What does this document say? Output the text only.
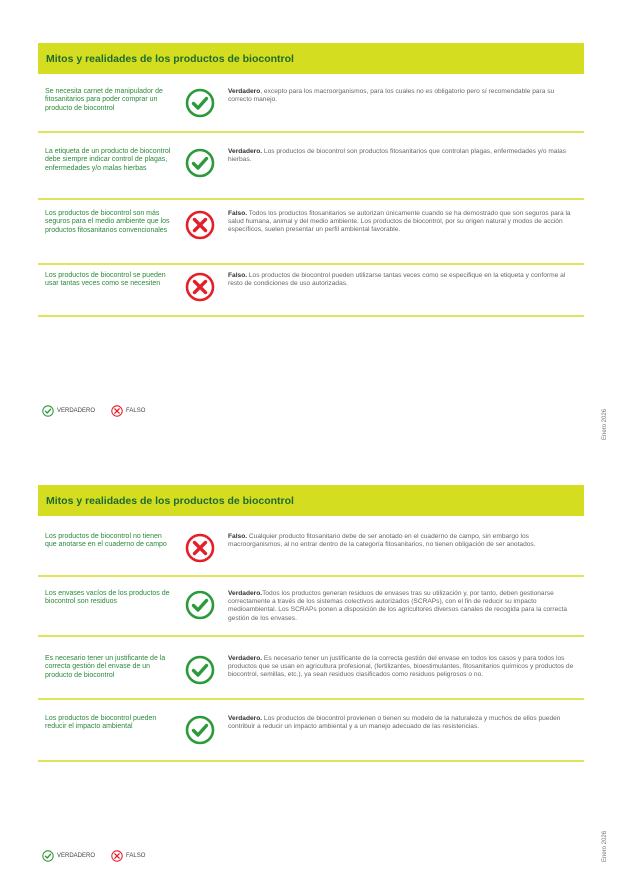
Mitos y realidades de los productos de biocontrol
Se necesita carnet de manipulador de fitosanitarios para poder comprar un producto de biocontrol
Verdadero, excepto para los macroorganismos, para los cuales no es obligatorio pero sí recomendable para su correcto manejo.
La etiqueta de un producto de biocontrol debe siempre indicar control de plagas, enfermedades y/o malas hierbas
Verdadero. Los productos de biocontrol son productos fitosanitarios que controlan plagas, enfermedades y/o malas hierbas.
Los productos de biocontrol son más seguros para el medio ambiente que los productos fitosanitarios convencionales
Falso. Todos los productos fitosanitarios se autorizan únicamente cuando se ha demostrado que son seguros para la salud humana, animal y del medio ambiente. Los productos de biocontrol, por su origen natural y modos de acción específicos, suelen presentar un perfil ambiental favorable.
Los productos de biocontrol se pueden usar tantas veces como se necesiten
Falso. Los productos de biocontrol pueden utilizarse tantas veces como se especifique en la etiqueta y conforme al resto de condiciones de uso autorizadas.
Mitos y realidades de los productos de biocontrol
Los productos de biocontrol no tienen que anotarse en el cuaderno de campo
Falso. Cualquier producto fitosanitario debe de ser anotado en el cuaderno de campo, sin embargo los macroorganismos, al no entrar dentro de la categoría fitosanitarios, no tienen obligación de ser anotados.
Los envases vacíos de los productos de biocontrol son residuos
Verdadero.Todos los productos generan residuos de envases tras su utilización y, por tanto, deben gestionarse correctamente a través de los sistemas colectivos autorizados (SCRAPs), con el fin de reducir su impacto medioambiental. Los SCRAPs ponen a disposición de los agricultores diversos canales de recogida para la correcta gestión de los envases.
Es necesario tener un justificante de la correcta gestión del envase de un producto de biocontrol
Verdadero. Es necesario tener un justificante de la correcta gestión del envase en todos los casos y para todos los productos que se usan en agricultura profesional, (fertilizantes, bioestimulantes, fitosanitarios químicos y productos de biocontrol, semillas, etc.), ya sean residuos clasificados como residuos peligrosos o no.
Los productos de biocontrol pueden reducir el impacto ambiental
Verdadero. Los productos de biocontrol provienen o tienen su modelo de la naturaleza y muchos de ellos pueden contribuir a reducir un impacto ambiental y a un manejo adecuado de las resistencias.
VERDADERO	FALSO
VERDADERO	FALSO
Enero 2026
Enero 2026
